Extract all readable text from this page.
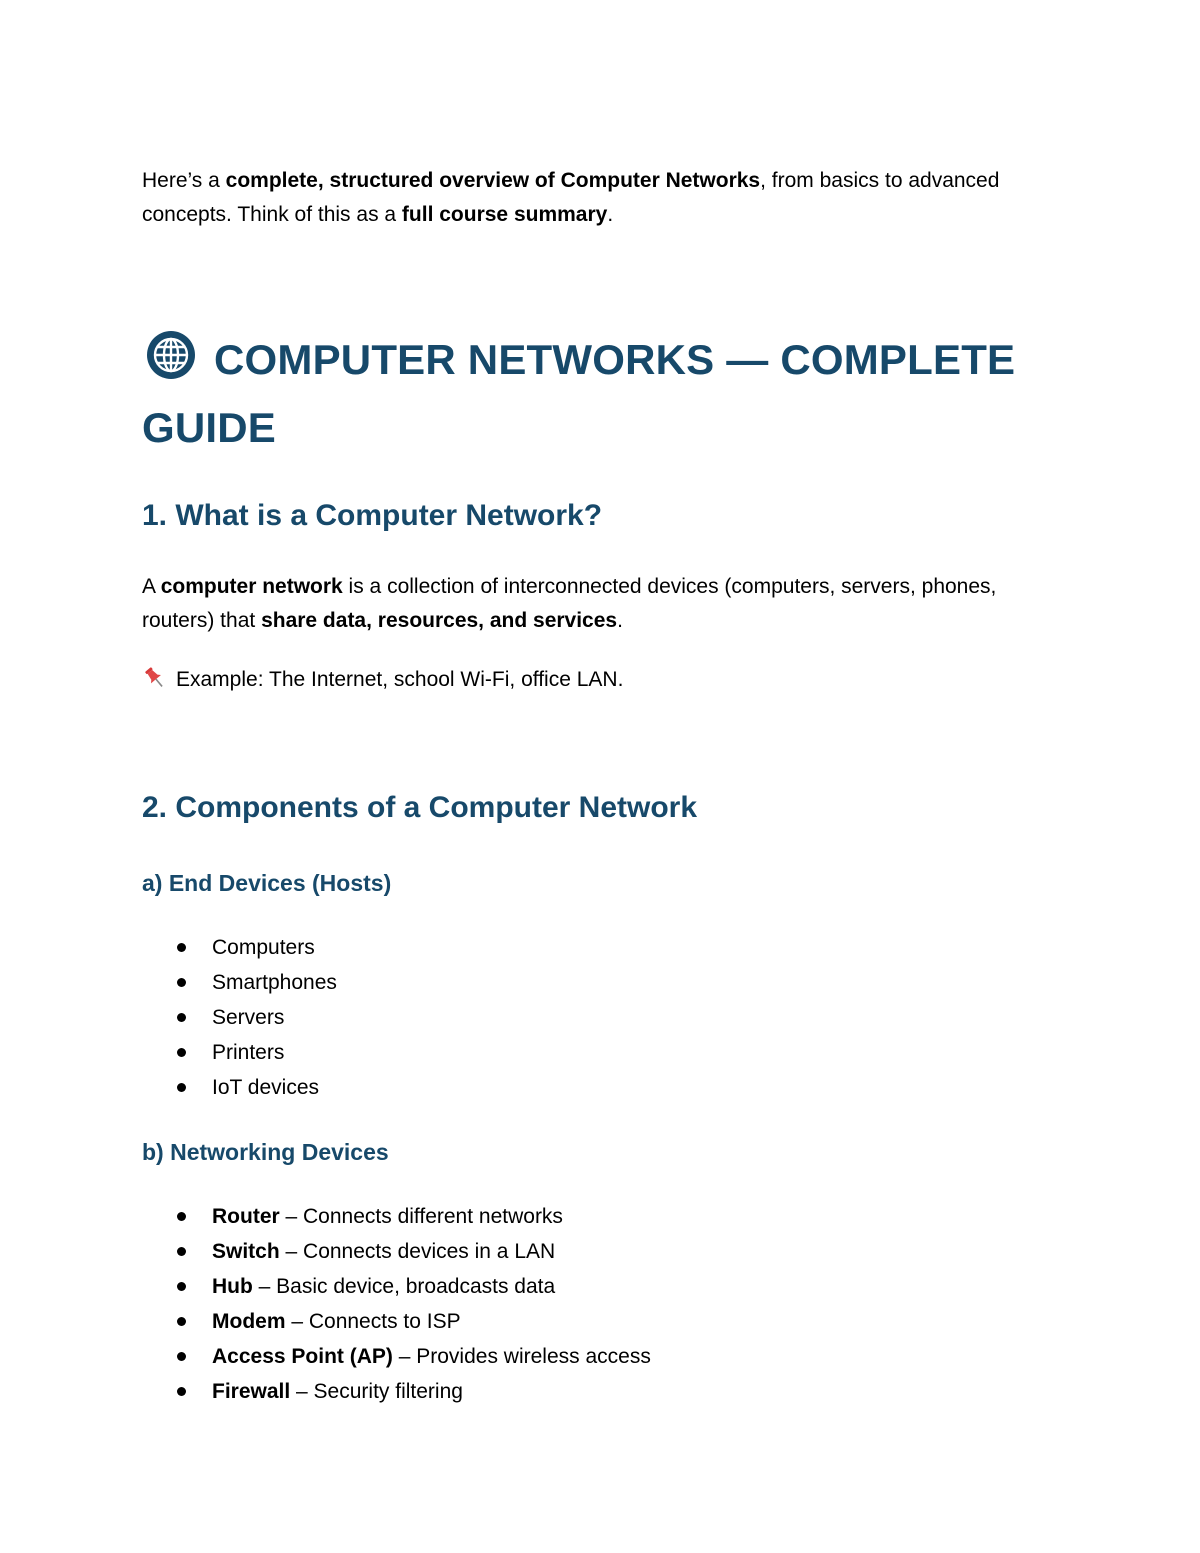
Here’s a complete, structured overview of Computer Networks, from basics to advanced concepts. Think of this as a full course summary.

COMPUTER NETWORKS — COMPLETE GUIDE
1. What is a Computer Network?

A computer network is a collection of interconnected devices (computers, servers, phones, routers) that share data, resources, and services.

Example: The Internet, school Wi-Fi, office LAN.

2. Components of a Computer Network
a) End Devices (Hosts)
Computers
Smartphones
Servers
Printers
IoT devices
b) Networking Devices
Router – Connects different networks
Switch – Connects devices in a LAN
Hub – Basic device, broadcasts data
Modem – Connects to ISP
Access Point (AP) – Provides wireless access
Firewall – Security filtering
